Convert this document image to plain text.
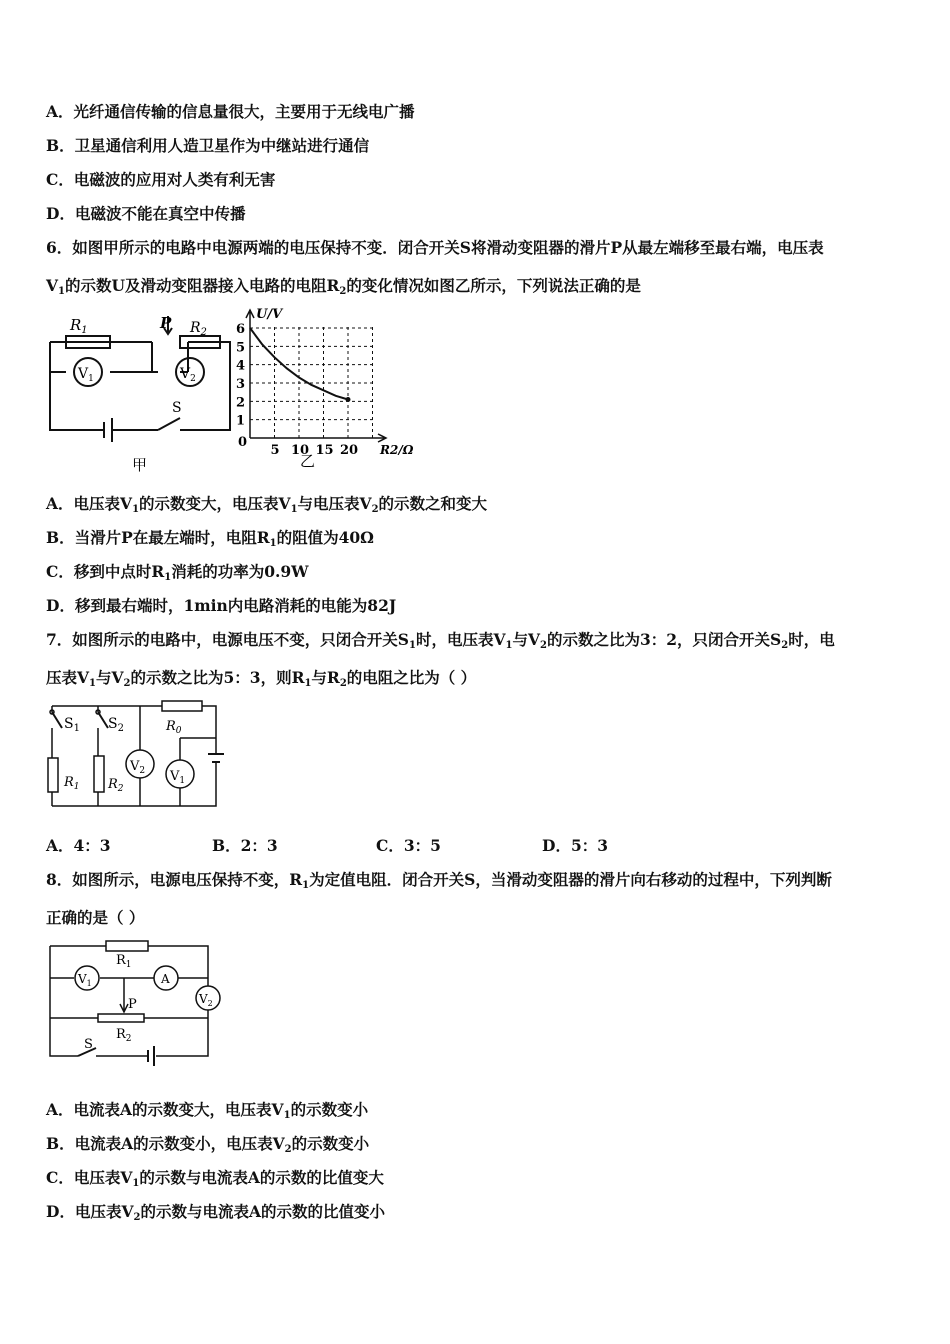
A．光纤通信传输的信息量很大，主要用于无线电广播
B．卫星通信利用人造卫星作为中继站进行通信
C．电磁波的应用对人类有利无害
D．电磁波不能在真空中传播
6．如图甲所示的电路中电源两端的电压保持不变．闭合开关S将滑动变阻器的滑片P从最左端移至最右端，电压表
$V_1$的示数U及滑动变阻器接入电路的电阻$R_2$的变化情况如图乙所示，下列说法正确的是
$R_1$	P $R_2$
$V_1$	$V_2$
S
甲
5 10 15 20
1
2
3
4
5
6
U/V
R2/Ω
0
乙
A．电压表$V_1$的示数变大，电压表$V_1$与电压表$V_2$的示数之和变大
B．当滑片P在最左端时，电阻$R_1$的阻值为40Ω
C．移到中点时$R_1$消耗的功率为0.9W
D．移到最右端时，1min内电路消耗的电能为82J
7．如图所示的电路中，电源电压不变，只闭合开关$S_1$时，电压表$V_1$与$V_2$的示数之比为3：2，只闭合开关$S_2$时，电
压表$V_1$与$V_2$的示数之比为5：3，则$R_1$与$R_2$的电阻之比为（ ）
$S_1$ $S_2$	$R_0$
$R_1$ $R_2$
$V_2$ $V_1$
A．4：3	B．2：3	C．3：5	D．5：3
8．如图所示，电源电压保持不变，$R_1$为定值电阻．闭合开关S，当滑动变阻器的滑片向右移动的过程中，下列判断
正确的是（ ）
$R_1$
P
$R_2$
$V_1$	A
$V_2$
S
A．电流表A的示数变大，电压表$V_1$的示数变小
B．电流表A的示数变小，电压表$V_2$的示数变小
C．电压表$V_1$的示数与电流表A的示数的比值变大
D．电压表$V_2$的示数与电流表A的示数的比值变小
